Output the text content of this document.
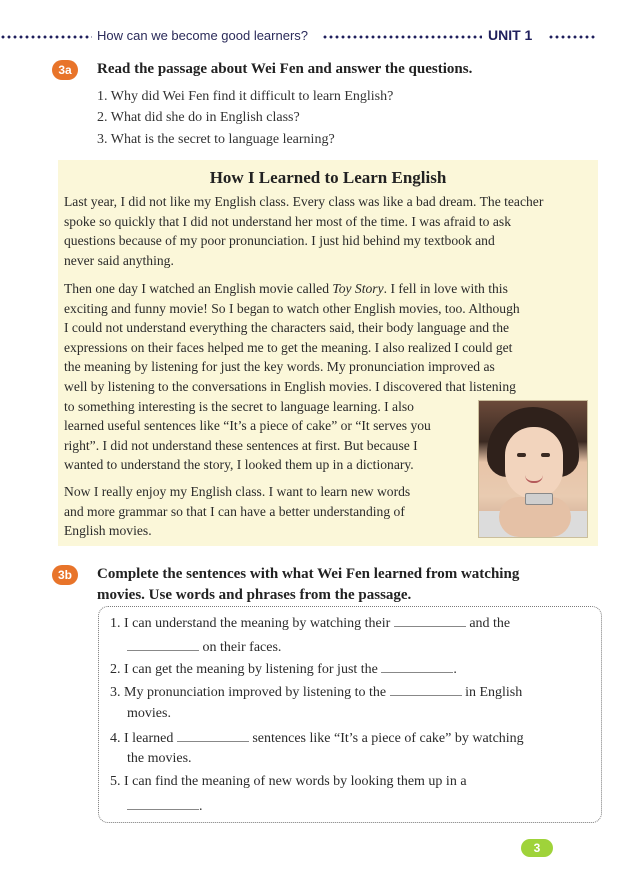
How can we become good learners?	UNIT 1
3a	Read the passage about Wei Fen and answer the questions.
1. Why did Wei Fen find it difficult to learn English?
2. What did she do in English class?
3. What is the secret to language learning?
How I Learned to Learn English
Last year, I did not like my English class. Every class was like a bad dream. The teacher
spoke so quickly that I did not understand her most of the time. I was afraid to ask
questions because of my poor pronunciation. I just hid behind my textbook and
never said anything.
Then one day I watched an English movie called Toy Story. I fell in love with this
exciting and funny movie! So I began to watch other English movies, too. Although
I could not understand everything the characters said, their body language and the
expressions on their faces helped me to get the meaning. I also realized I could get
the meaning by listening for just the key words. My pronunciation improved as
well by listening to the conversations in English movies. I discovered that listening
to something interesting is the secret to language learning. I also
learned useful sentences like “It’s a piece of cake” or “It serves you
right”. I did not understand these sentences at first. But because I
wanted to understand the story, I looked them up in a dictionary.
Now I really enjoy my English class. I want to learn new words
and more grammar so that I can have a better understanding of
English movies.
3b	Complete the sentences with what Wei Fen learned from watching
movies. Use words and phrases from the passage.
1. I can understand the meaning by watching their	and the
on their faces.
2. I can get the meaning by listening for just the	.
3. My pronunciation improved by listening to the	in English
movies.
4. I learned	sentences like “It’s a piece of cake” by watching
the movies.
5. I can find the meaning of new words by looking them up in a
.
3
